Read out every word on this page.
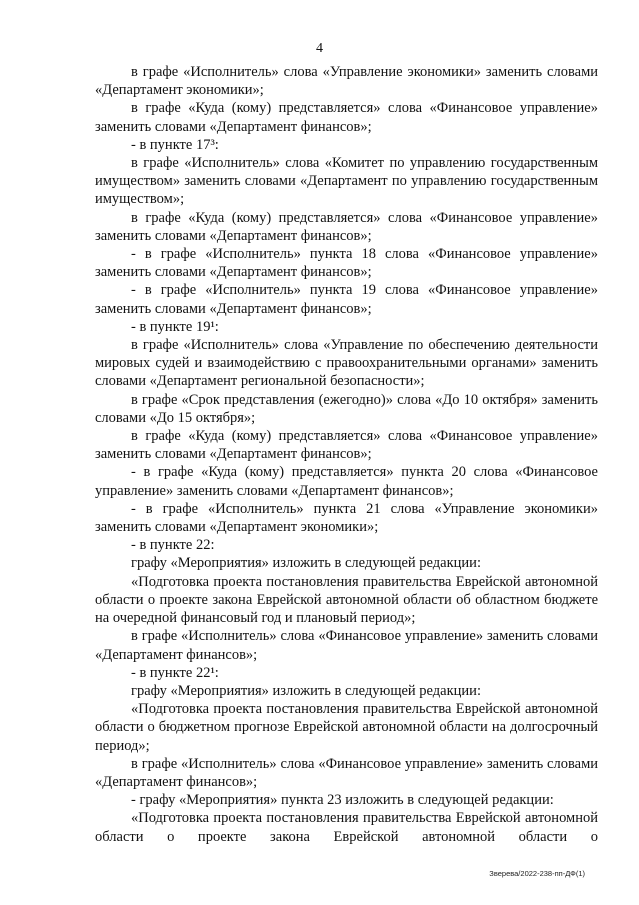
4

в графе «Исполнитель» слова «Управление экономики» заменить словами «Департамент экономики»;

в графе «Куда (кому) представляется» слова «Финансовое управление» заменить словами «Департамент финансов»;

- в пункте 17³:

в графе «Исполнитель» слова «Комитет по управлению государственным имуществом» заменить словами «Департамент по управлению государственным имуществом»;

в графе «Куда (кому) представляется» слова «Финансовое управление» заменить словами «Департамент финансов»;

- в графе «Исполнитель» пункта 18 слова «Финансовое управление» заменить словами «Департамент финансов»;

- в графе «Исполнитель» пункта 19 слова «Финансовое управление» заменить словами «Департамент финансов»;

- в пункте 19¹:

в графе «Исполнитель» слова «Управление по обеспечению деятельности мировых судей и взаимодействию с правоохранительными органами» заменить словами «Департамент региональной безопасности»;

в графе «Срок представления (ежегодно)» слова «До 10 октября» заменить словами «До 15 октября»;

в графе «Куда (кому) представляется» слова «Финансовое управление» заменить словами «Департамент финансов»;

- в графе «Куда (кому) представляется» пункта 20 слова «Финансовое управление» заменить словами «Департамент финансов»;

- в графе «Исполнитель» пункта 21 слова «Управление экономики» заменить словами «Департамент экономики»;

- в пункте 22:

графу «Мероприятия» изложить в следующей редакции:

«Подготовка проекта постановления правительства Еврейской автономной области о проекте закона Еврейской автономной области об областном бюджете на очередной финансовый год и плановый период»;

в графе «Исполнитель» слова «Финансовое управление» заменить словами «Департамент финансов»;

- в пункте 22¹:

графу «Мероприятия» изложить в следующей редакции:

«Подготовка проекта постановления правительства Еврейской автономной области о бюджетном прогнозе Еврейской автономной области на долгосрочный период»;

в графе «Исполнитель» слова «Финансовое управление» заменить словами «Департамент финансов»;

- графу «Мероприятия» пункта 23 изложить в следующей редакции:

«Подготовка проекта постановления правительства Еврейской автономной области о проекте закона Еврейской автономной области о

Зверева/2022-238-пп-ДФ(1)
